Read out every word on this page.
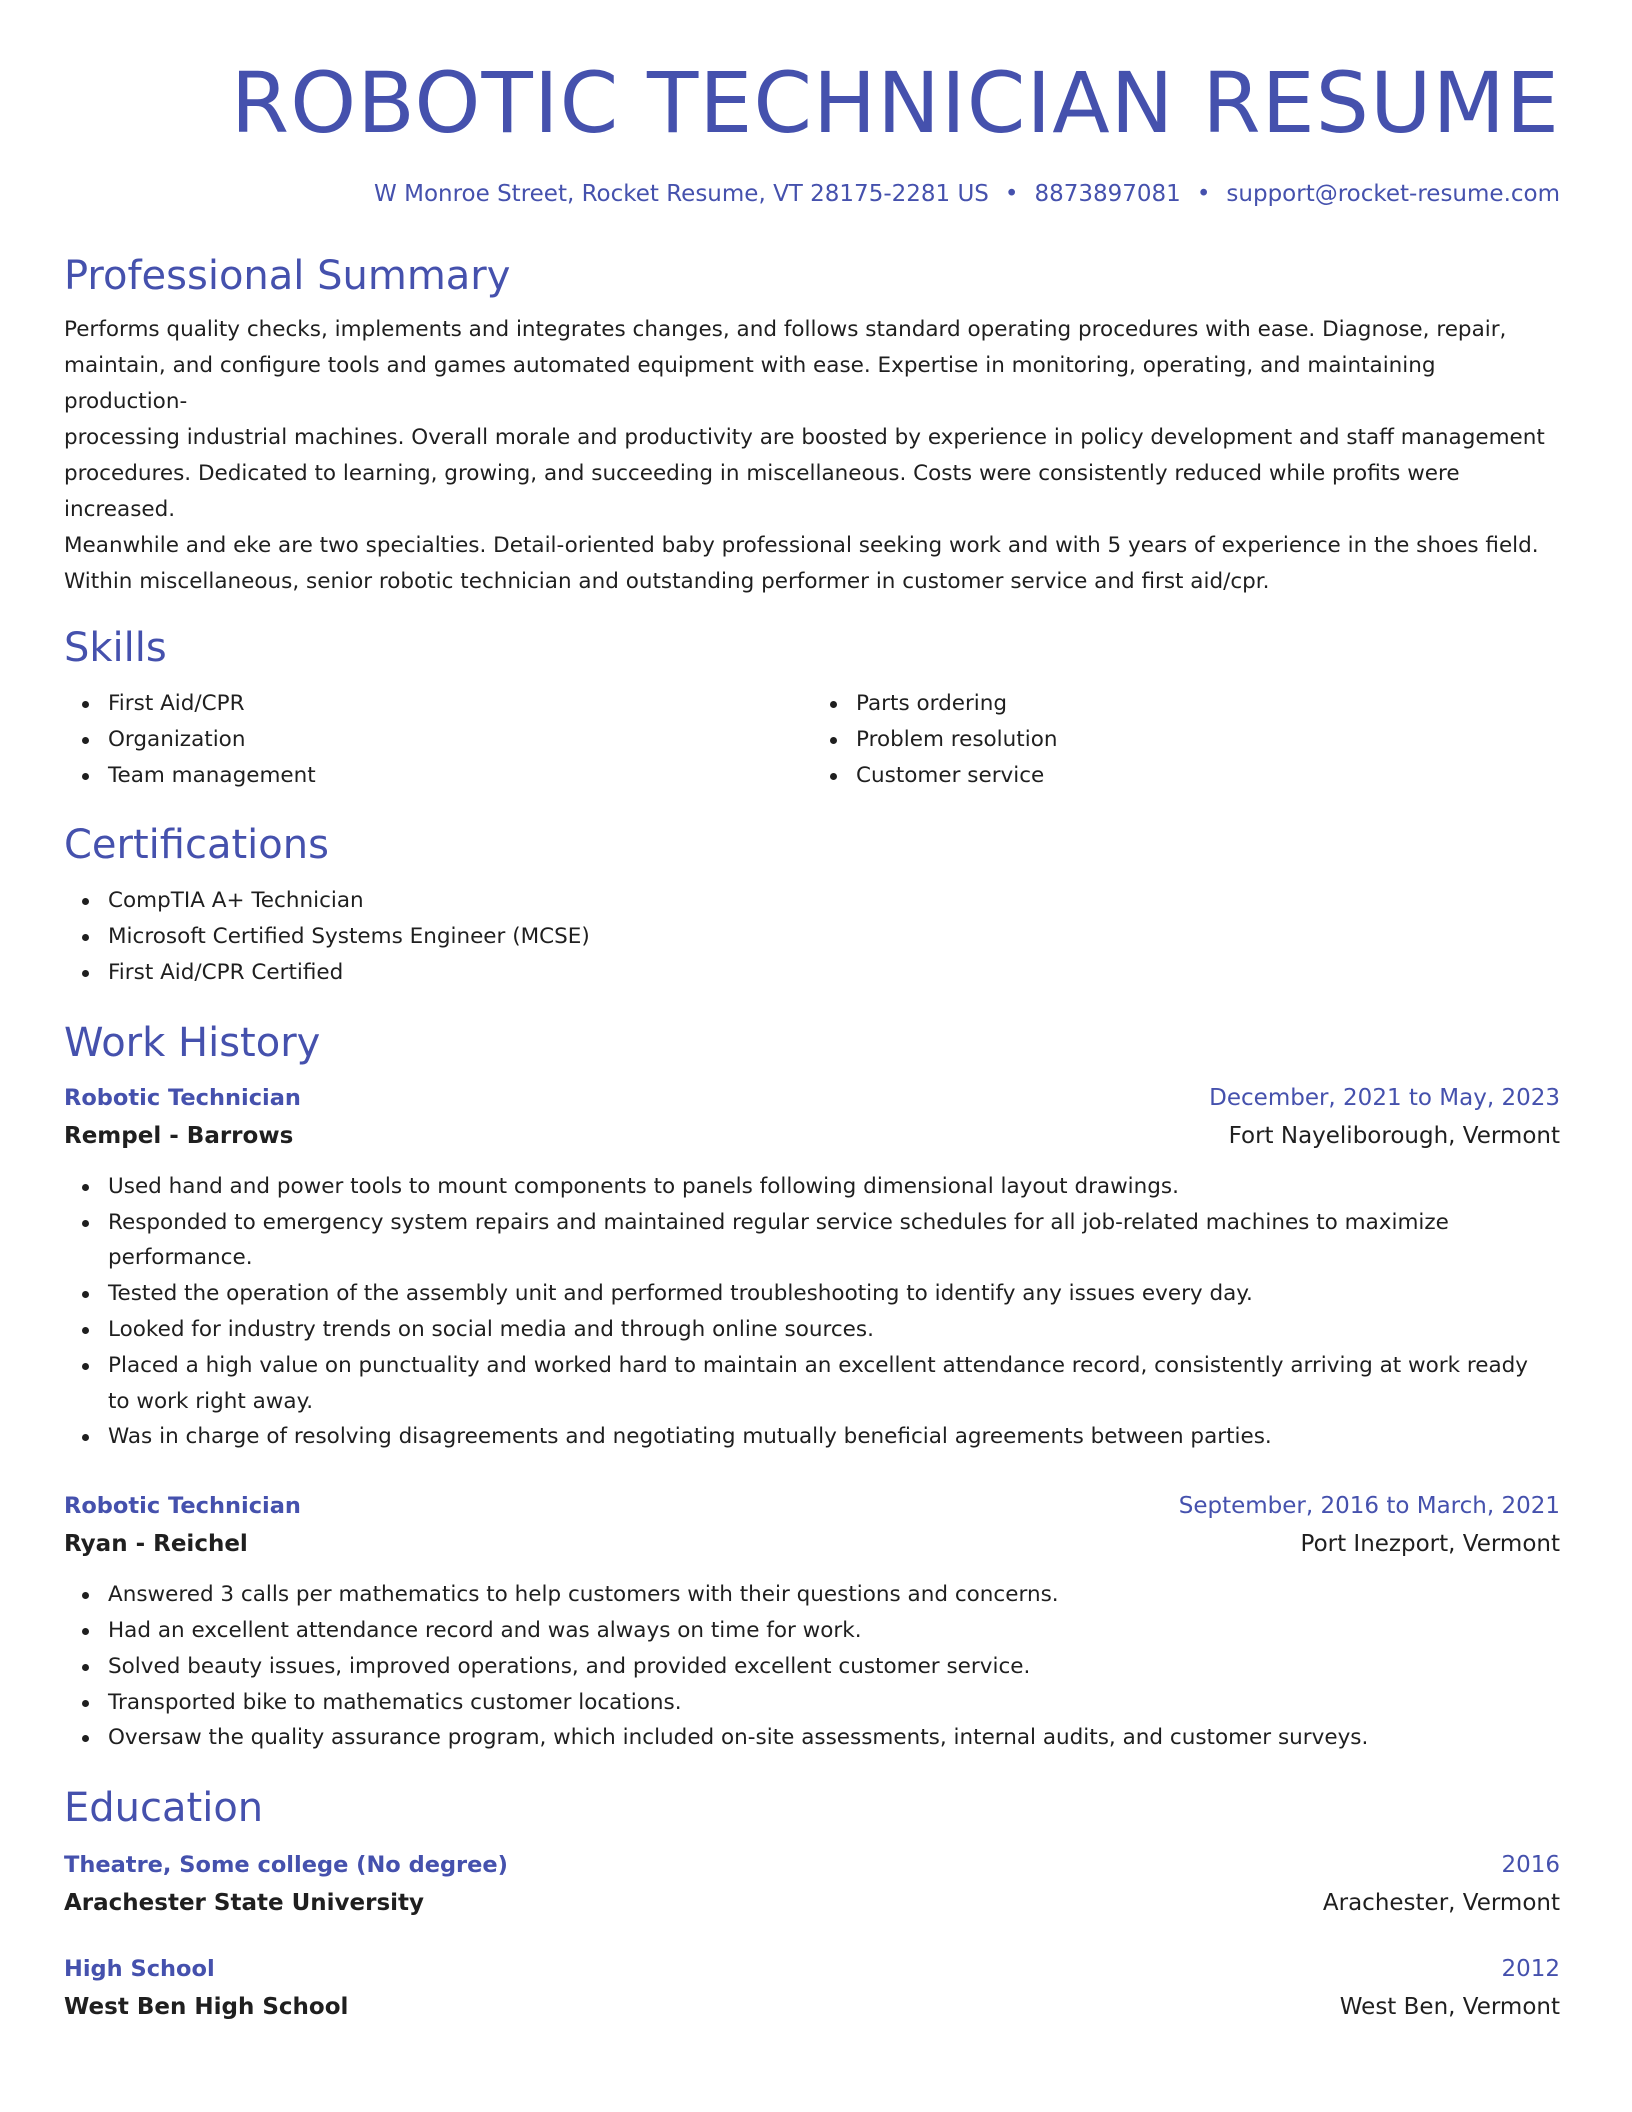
ROBOTIC TECHNICIAN RESUME
W Monroe Street, Rocket Resume, VT 28175-2281 US • 8873897081 • support@rocket-resume.com
Professional Summary

Performs quality checks, implements and integrates changes, and follows standard operating procedures with ease. Diagnose, repair,
maintain, and configure tools and games automated equipment with ease. Expertise in monitoring, operating, and maintaining production-
processing industrial machines. Overall morale and productivity are boosted by experience in policy development and staff management
procedures. Dedicated to learning, growing, and succeeding in miscellaneous. Costs were consistently reduced while profits were increased.
Meanwhile and eke are two specialties. Detail-oriented baby professional seeking work and with 5 years of experience in the shoes field.
Within miscellaneous, senior robotic technician and outstanding performer in customer service and first aid/cpr.

Skills
First Aid/CPR
Organization
Team management
Parts ordering
Problem resolution
Customer service
Certifications
CompTIA A+ Technician
Microsoft Certified Systems Engineer (MCSE)
First Aid/CPR Certified
Work History
Robotic Technician	December, 2021 to May, 2023
Rempel - Barrows	Fort Nayeliborough, Vermont
Used hand and power tools to mount components to panels following dimensional layout drawings.
Responded to emergency system repairs and maintained regular service schedules for all job-related machines to maximize performance.
Tested the operation of the assembly unit and performed troubleshooting to identify any issues every day.
Looked for industry trends on social media and through online sources.
Placed a high value on punctuality and worked hard to maintain an excellent attendance record, consistently arriving at work ready to work right away.
Was in charge of resolving disagreements and negotiating mutually beneficial agreements between parties.
Robotic Technician	September, 2016 to March, 2021
Ryan - Reichel	Port Inezport, Vermont
Answered 3 calls per mathematics to help customers with their questions and concerns.
Had an excellent attendance record and was always on time for work.
Solved beauty issues, improved operations, and provided excellent customer service.
Transported bike to mathematics customer locations.
Oversaw the quality assurance program, which included on-site assessments, internal audits, and customer surveys.
Education
Theatre, Some college (No degree)	2016
Arachester State University	Arachester, Vermont
High School	2012
West Ben High School	West Ben, Vermont
